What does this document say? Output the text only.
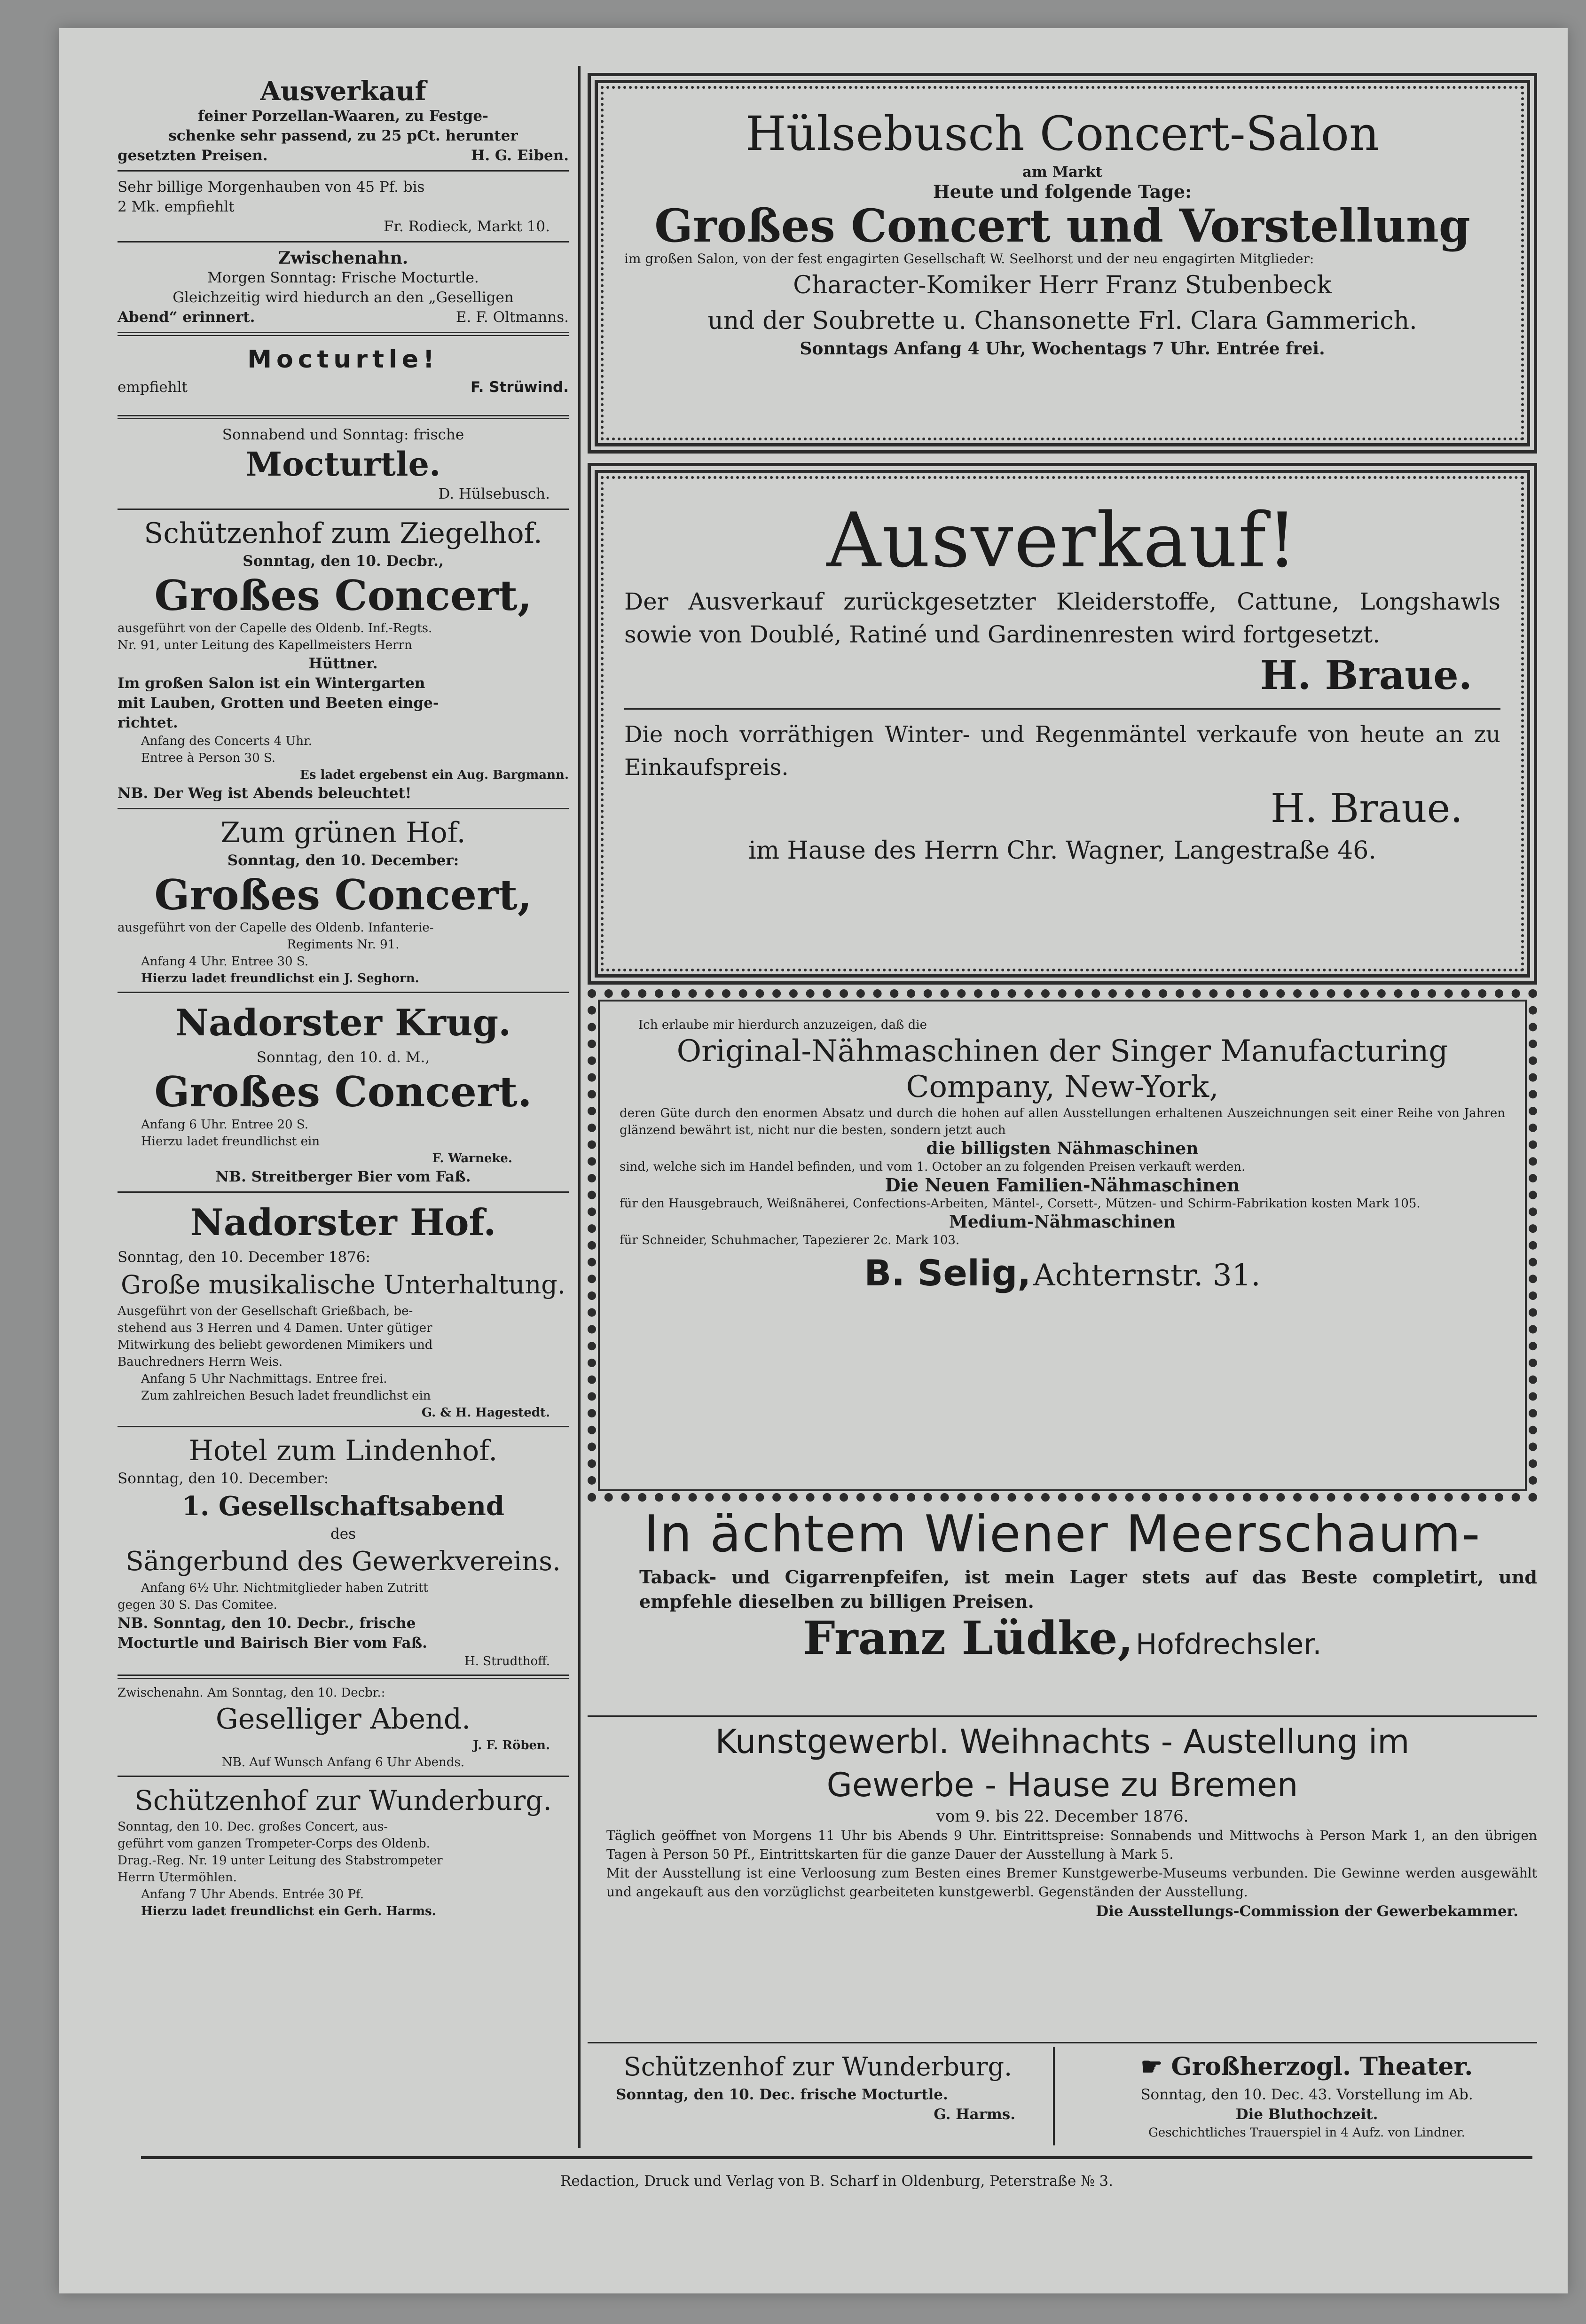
Ausverkauf
feiner Porzellan-Waaren, zu Festge-
schenke sehr passend, zu 25 pCt. herunter
gesetzten Preisen.	H. G. Eiben.
Sehr billige Morgenhauben von 45 Pf. bis
2 Mk. empfiehlt
Fr. Rodieck, Markt 10.
Zwischenahn.
Morgen Sonntag: Frische Mocturtle.
Gleichzeitig wird hiedurch an den „Geselligen
Abend“ erinnert.	E. F. Oltmanns.
Mocturtle!
empfiehlt	F. Strüwind.
Sonnabend und Sonntag: frische
Mocturtle.
D. Hülsebusch.
Schützenhof zum Ziegelhof.
Sonntag, den 10. Decbr.,
Großes Concert,
ausgeführt von der Capelle des Oldenb. Inf.-Regts.
Nr. 91, unter Leitung des Kapellmeisters Herrn
Hüttner.
Im großen Salon ist ein Wintergarten
mit Lauben, Grotten und Beeten einge-
richtet.
Anfang des Concerts 4 Uhr.
Entree à Person 30 S.
Es ladet ergebenst ein Aug. Bargmann.
NB. Der Weg ist Abends beleuchtet!
Zum grünen Hof.
Sonntag, den 10. December:
Großes Concert,
ausgeführt von der Capelle des Oldenb. Infanterie-
Regiments Nr. 91.
Anfang 4 Uhr. Entree 30 S.
Hierzu ladet freundlichst ein J. Seghorn.
Nadorster Krug.
Sonntag, den 10. d. M.,
Großes Concert.
Anfang 6 Uhr. Entree 20 S.
Hierzu ladet freundlichst ein
F. Warneke.
NB. Streitberger Bier vom Faß.
Nadorster Hof.
Sonntag, den 10. December 1876:
Große musikalische Unterhaltung.
Ausgeführt von der Gesellschaft Grießbach, be-
stehend aus 3 Herren und 4 Damen. Unter gütiger
Mitwirkung des beliebt gewordenen Mimikers und
Bauchredners Herrn Weis.
Anfang 5 Uhr Nachmittags. Entree frei.
Zum zahlreichen Besuch ladet freundlichst ein
G. & H. Hagestedt.
Hotel zum Lindenhof.
Sonntag, den 10. December:
1. Gesellschaftsabend
des
Sängerbund des Gewerkvereins.
Anfang 6½ Uhr. Nichtmitglieder haben Zutritt
gegen 30 S. Das Comitee.
NB. Sonntag, den 10. Decbr., frische
Mocturtle und Bairisch Bier vom Faß.
H. Strudthoff.
Zwischenahn. Am Sonntag, den 10. Decbr.:
Geselliger Abend.
J. F. Röben.
NB. Auf Wunsch Anfang 6 Uhr Abends.
Schützenhof zur Wunderburg.
Sonntag, den 10. Dec. großes Concert, aus-
geführt vom ganzen Trompeter-Corps des Oldenb.
Drag.-Reg. Nr. 19 unter Leitung des Stabstrompeter
Herrn Utermöhlen.
Anfang 7 Uhr Abends. Entrée 30 Pf.
Hierzu ladet freundlichst ein Gerh. Harms.
Hülsebusch Concert-Salon
am Markt
Heute und folgende Tage:
Großes Concert und Vorstellung
im großen Salon, von der fest engagirten Gesellschaft W. Seelhorst und der neu engagirten Mitglieder:
Character-Komiker Herr Franz Stubenbeck
und der Soubrette u. Chansonette Frl. Clara Gammerich.
Sonntags Anfang 4 Uhr, Wochentags 7 Uhr. Entrée frei.
Ausverkauf!
Der Ausverkauf zurückgesetzter Kleiderstoffe, Cattune, Longshawls sowie von Doublé, Ratiné und Gardinenresten wird fortgesetzt.
H. Braue.
Die noch vorräthigen Winter- und Regenmäntel verkaufe von heute an zu Einkaufspreis.
H. Braue.
im Hause des Herrn Chr. Wagner, Langestraße 46.
Ich erlaube mir hierdurch anzuzeigen, daß die
Original-Nähmaschinen der Singer Manufacturing
Company, New-York,
deren Güte durch den enormen Absatz und durch die hohen auf allen Ausstellungen erhaltenen Auszeichnungen seit einer Reihe von Jahren glänzend bewährt ist, nicht nur die besten, sondern jetzt auch
die billigsten Nähmaschinen
sind, welche sich im Handel befinden, und vom 1. October an zu folgenden Preisen verkauft werden.
Die Neuen Familien-Nähmaschinen
für den Hausgebrauch, Weißnäherei, Confections-Arbeiten, Mäntel-, Corsett-, Mützen- und Schirm-Fabrikation kosten Mark 105.
Medium-Nähmaschinen
für Schneider, Schuhmacher, Tapezierer 2c. Mark 103.
B. Selig, Achternstr. 31.
In ächtem Wiener Meerschaum-
Taback- und Cigarrenpfeifen, ist mein Lager stets auf das Beste completirt, und empfehle dieselben zu billigen Preisen.
Franz Lüdke, Hofdrechsler.
Kunstgewerbl. Weihnachts - Austellung im
Gewerbe - Hause zu Bremen
vom 9. bis 22. December 1876.
Täglich geöffnet von Morgens 11 Uhr bis Abends 9 Uhr. Eintrittspreise: Sonnabends und Mittwochs à Person Mark 1, an den übrigen Tagen à Person 50 Pf., Eintrittskarten für die ganze Dauer der Ausstellung à Mark 5.
Mit der Ausstellung ist eine Verloosung zum Besten eines Bremer Kunstgewerbe-Museums verbunden. Die Gewinne werden ausgewählt und angekauft aus den vorzüglichst gearbeiteten kunstgewerbl. Gegenständen der Ausstellung.
Die Ausstellungs-Commission der Gewerbekammer.
Schützenhof zur Wunderburg.
Sonntag, den 10. Dec. frische Mocturtle.
G. Harms.
☛ Großherzogl. Theater.
Sonntag, den 10. Dec. 43. Vorstellung im Ab.
Die Bluthochzeit.
Geschichtliches Trauerspiel in 4 Aufz. von Lindner.
Redaction, Druck und Verlag von B. Scharf in Oldenburg, Peterstraße № 3.
